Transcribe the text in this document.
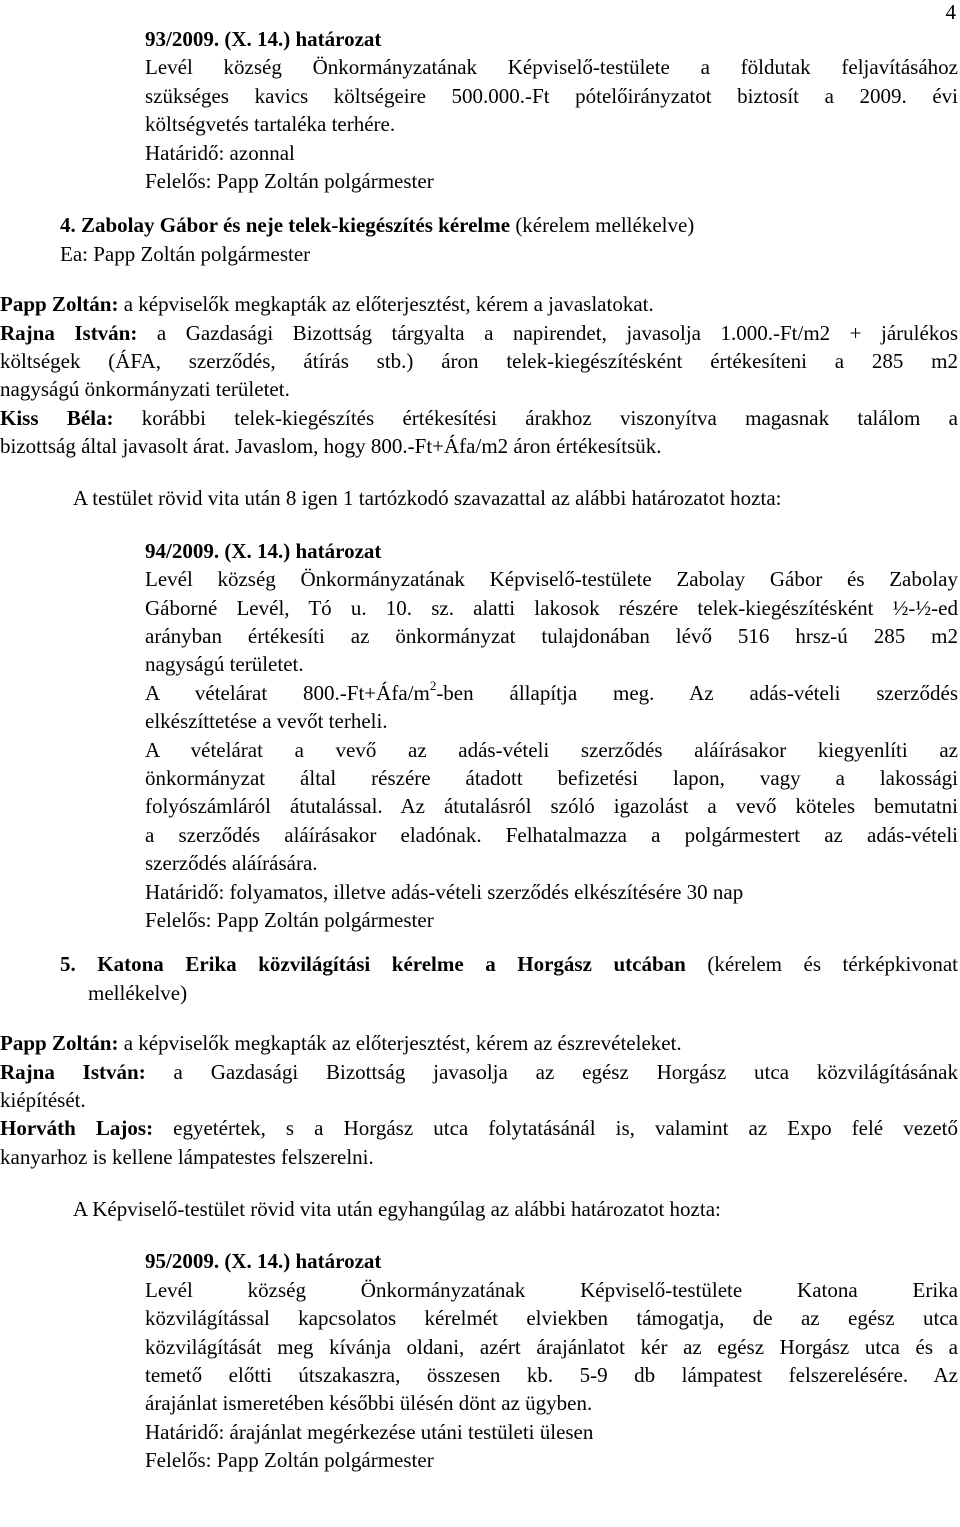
4
93/2009. (X. 14.) határozat
Levél község Önkormányzatának Képviselő-testülete a földutak feljavításához
szükséges kavics költségeire 500.000.-Ft pótelőirányzatot biztosít a 2009. évi
költségvetés tartaléka terhére.
Határidő: azonnal
Felelős: Papp Zoltán polgármester
4. Zabolay Gábor és neje telek-kiegészítés kérelme (kérelem mellékelve)
Ea: Papp Zoltán polgármester
Papp Zoltán: a képviselők megkapták az előterjesztést, kérem a javaslatokat.
Rajna István: a Gazdasági Bizottság tárgyalta a napirendet, javasolja 1.000.-Ft/m2 + járulékos
költségek (ÁFA, szerződés, átírás stb.) áron telek-kiegészítésként értékesíteni a 285 m2
nagyságú önkormányzati területet.
Kiss Béla: korábbi telek-kiegészítés értékesítési árakhoz viszonyítva magasnak találom a
bizottság által javasolt árat. Javaslom, hogy 800.-Ft+Áfa/m2 áron értékesítsük.
A testület rövid vita után 8 igen 1 tartózkodó szavazattal az alábbi határozatot hozta:
94/2009. (X. 14.) határozat
Levél község Önkormányzatának Képviselő-testülete Zabolay Gábor és Zabolay
Gáborné Levél, Tó u. 10. sz. alatti lakosok részére telek-kiegészítésként ½-½-ed
arányban értékesíti az önkormányzat tulajdonában lévő 516 hrsz-ú 285 m2
nagyságú területet.
A vételárat $800.-Ft+Áfa/m^2$-ben állapítja meg. Az adás-vételi szerződés
elkészíttetése a vevőt terheli.
A vételárat a vevő az adás-vételi szerződés aláírásakor kiegyenlíti az
önkormányzat által részére átadott befizetési lapon, vagy a lakossági
folyószámláról átutalással. Az átutalásról szóló igazolást a vevő köteles bemutatni
a szerződés aláírásakor eladónak. Felhatalmazza a polgármestert az adás-vételi
szerződés aláírására.
Határidő: folyamatos, illetve adás-vételi szerződés elkészítésére 30 nap
Felelős: Papp Zoltán polgármester
5. Katona Erika közvilágítási kérelme a Horgász utcában (kérelem és térképkivonat
mellékelve)
Papp Zoltán: a képviselők megkapták az előterjesztést, kérem az észrevételeket.
Rajna István: a Gazdasági Bizottság javasolja az egész Horgász utca közvilágításának
kiépítését.
Horváth Lajos: egyetértek, s a Horgász utca folytatásánál is, valamint az Expo felé vezető
kanyarhoz is kellene lámpatestes felszerelni.
A Képviselő-testület rövid vita után egyhangúlag az alábbi határozatot hozta:
95/2009. (X. 14.) határozat
Levél község Önkormányzatának Képviselő-testülete Katona Erika
közvilágítással kapcsolatos kérelmét elviekben támogatja, de az egész utca
közvilágítását meg kívánja oldani, azért árajánlatot kér az egész Horgász utca és a
temető előtti útszakaszra, összesen kb. 5-9 db lámpatest felszerelésére. Az
árajánlat ismeretében későbbi ülésén dönt az ügyben.
Határidő: árajánlat megérkezése utáni testületi ülesen
Felelős: Papp Zoltán polgármester
